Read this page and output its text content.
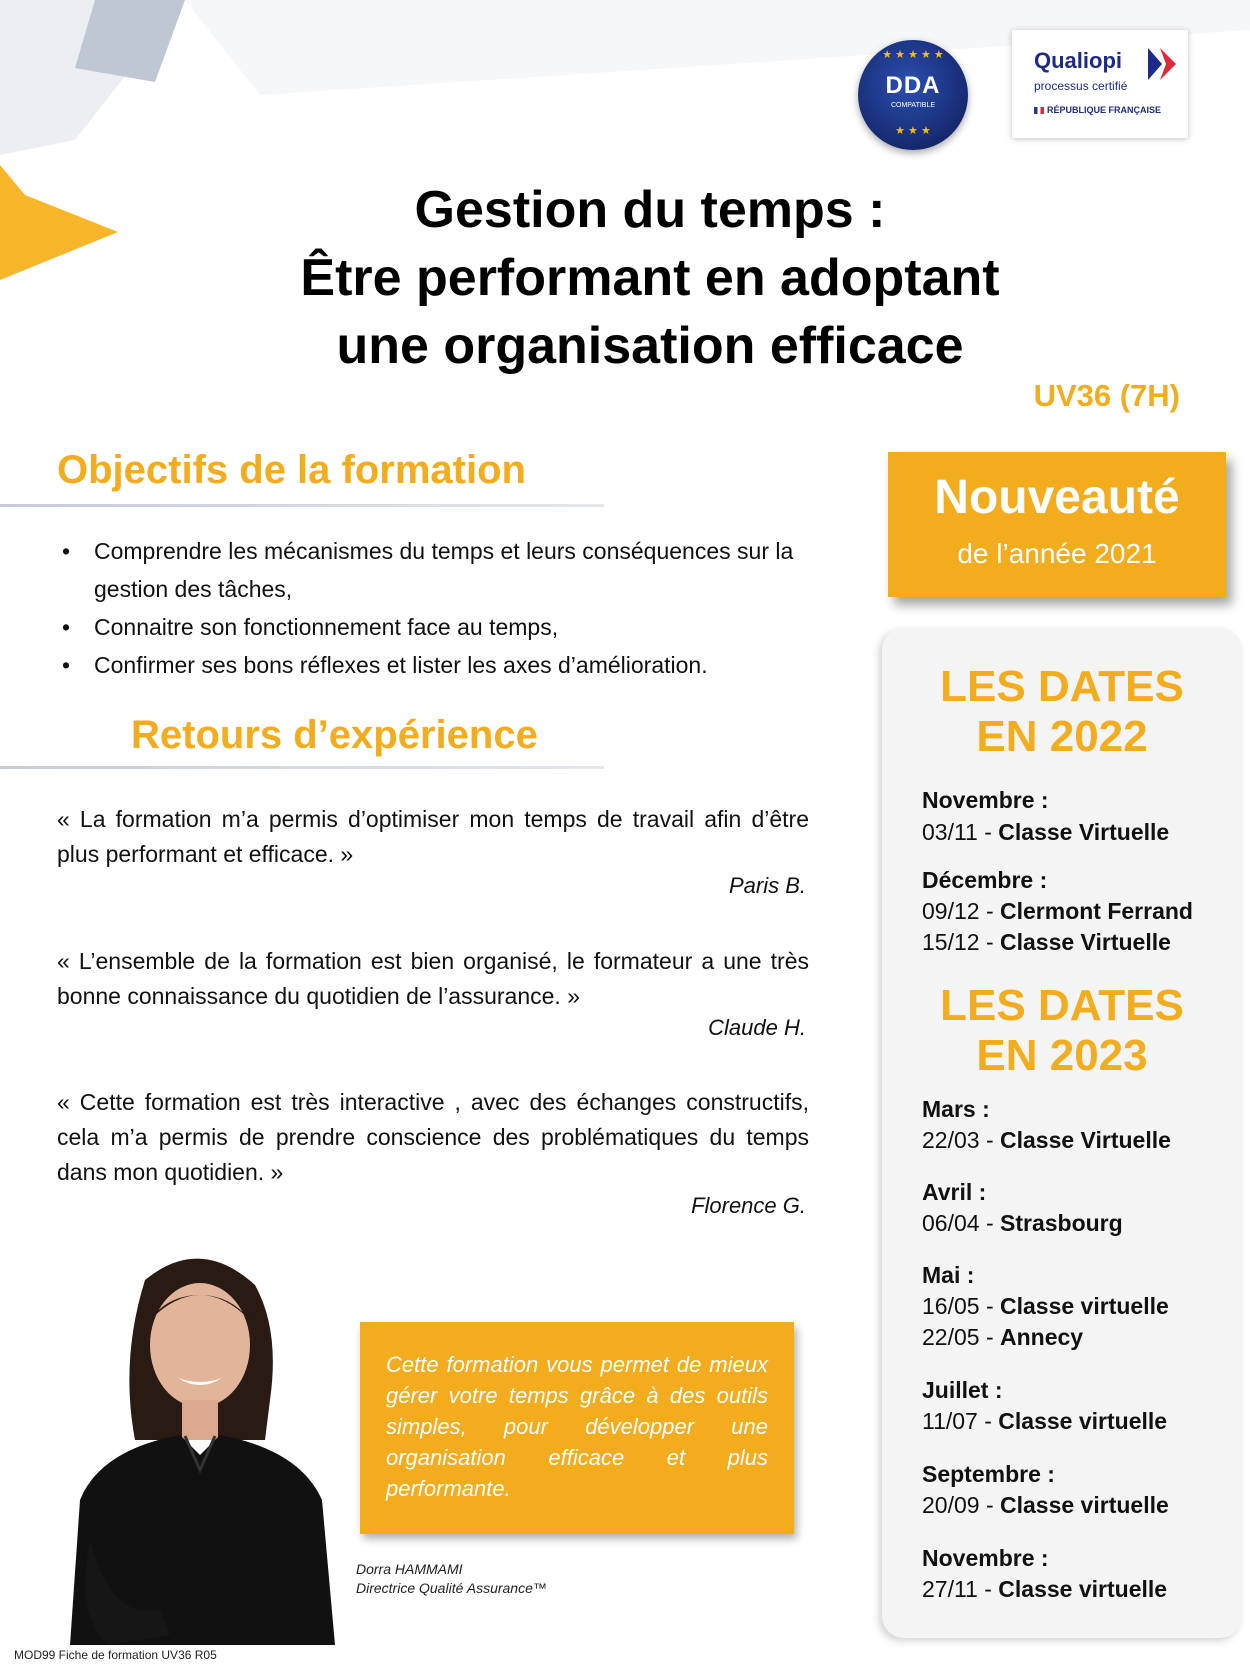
★ ★ ★ ★ ★
DDA
COMPATIBLE
★ ★ ★
Qualiopi
processus certifié
RÉPUBLIQUE FRANÇAISE
Gestion du temps :
Être performant en adoptant
une organisation efficace
UV36 (7H)
Objectifs de la formation
• Comprendre les mécanismes du temps et leurs conséquences sur la gestion des tâches,
• Connaitre son fonctionnement face au temps,
• Confirmer ses bons réflexes et lister les axes d’amélioration.
Retours d’expérience
« La formation m’a permis d’optimiser mon temps de travail afin d’être plus performant et efficace. »
Paris B.
« L’ensemble de la formation est bien organisé, le formateur a une très bonne connaissance du quotidien de l’assurance. »
Claude H.
« Cette formation est très interactive , avec des échanges constructifs, cela m’a permis de prendre conscience des problématiques du temps dans mon quotidien. »
Florence G.
Nouveauté
de l’année 2021
LES DATES
EN 2022
Novembre :
03/11 - Classe Virtuelle
Décembre :
09/12 - Clermont Ferrand
15/12 - Classe Virtuelle
LES DATES
EN 2023
Mars :
22/03 - Classe Virtuelle
Avril :
06/04 - Strasbourg
Mai :
16/05 - Classe virtuelle
22/05 - Annecy
Juillet :
11/07 - Classe virtuelle
Septembre :
20/09 - Classe virtuelle
Novembre :
27/11 - Classe virtuelle
Cette formation vous permet de mieux gérer votre temps grâce à des outils simples, pour développer une organisation efficace et plus performante.
Dorra HAMMAMI
Directrice Qualité Assurance™
MOD99 Fiche de formation UV36 R05
